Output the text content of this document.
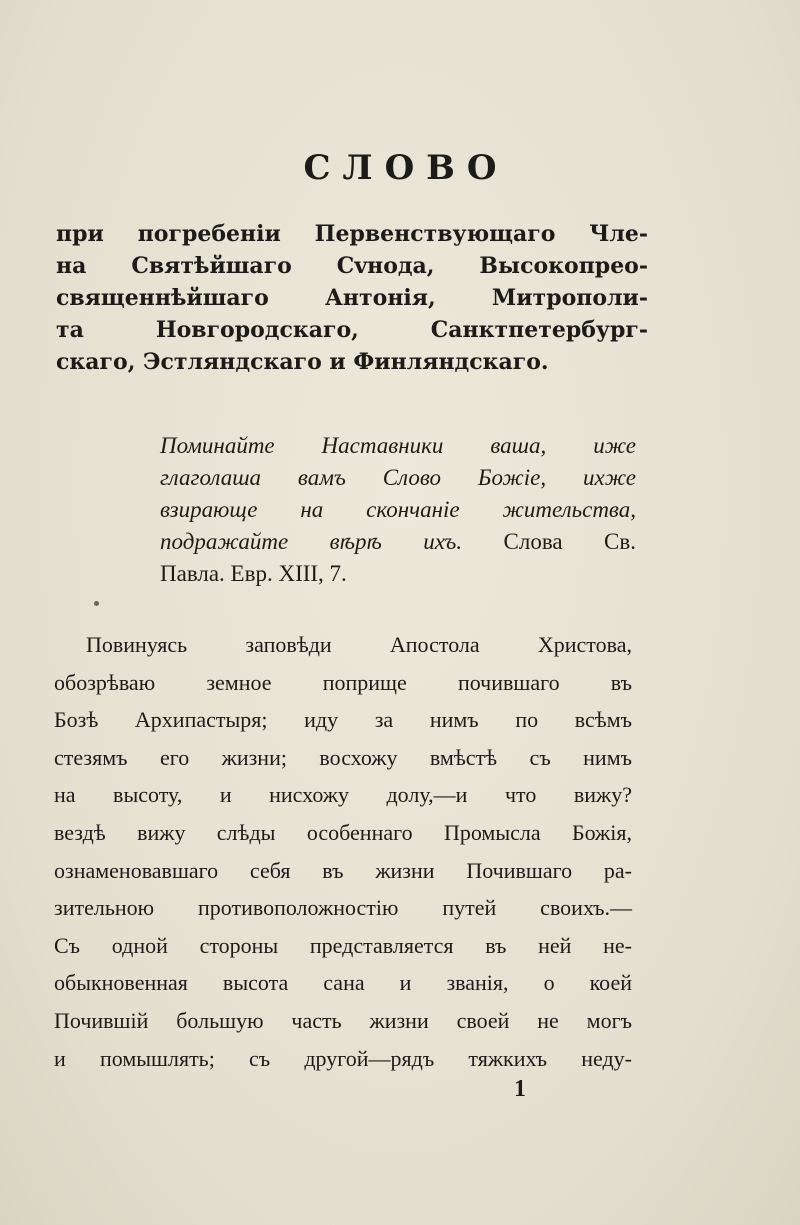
СЛОВО

при погребеніи Первенствующаго Чле-
на Святѣйшаго Сvнода, Высокопрео-
священнѣйшаго Антонія, Митрополи-
та Новгородскаго, Санктпетербург-
скаго, Эстляндскаго и Финляндскаго.

Поминайте Наставники ваша, иже
глаголаша вамъ Слово Божіе, ихже
взирающе на скончаніе жительства,
подражайте вѣрѣ ихъ. Слова Св.
Павла. Евр. XIII, 7.

Повинуясь заповѣди Апостола Христова,
обозрѣваю земное поприще почившаго въ
Бозѣ Архипастыря; иду за нимъ по всѣмъ
стезямъ его жизни; восхожу вмѣстѣ съ нимъ
на высоту, и нисхожу долу,—и что вижу?
вездѣ вижу слѣды особеннаго Промысла Божія,
ознаменовавшаго себя въ жизни Почившаго ра-
зительною противоположностію путей своихъ.—
Съ одной стороны представляется въ ней не-
обыкновенная высота сана и званія, о коей
Почившій большую часть жизни своей не могъ
и помышлять; съ другой—рядъ тяжкихъ неду-

1
